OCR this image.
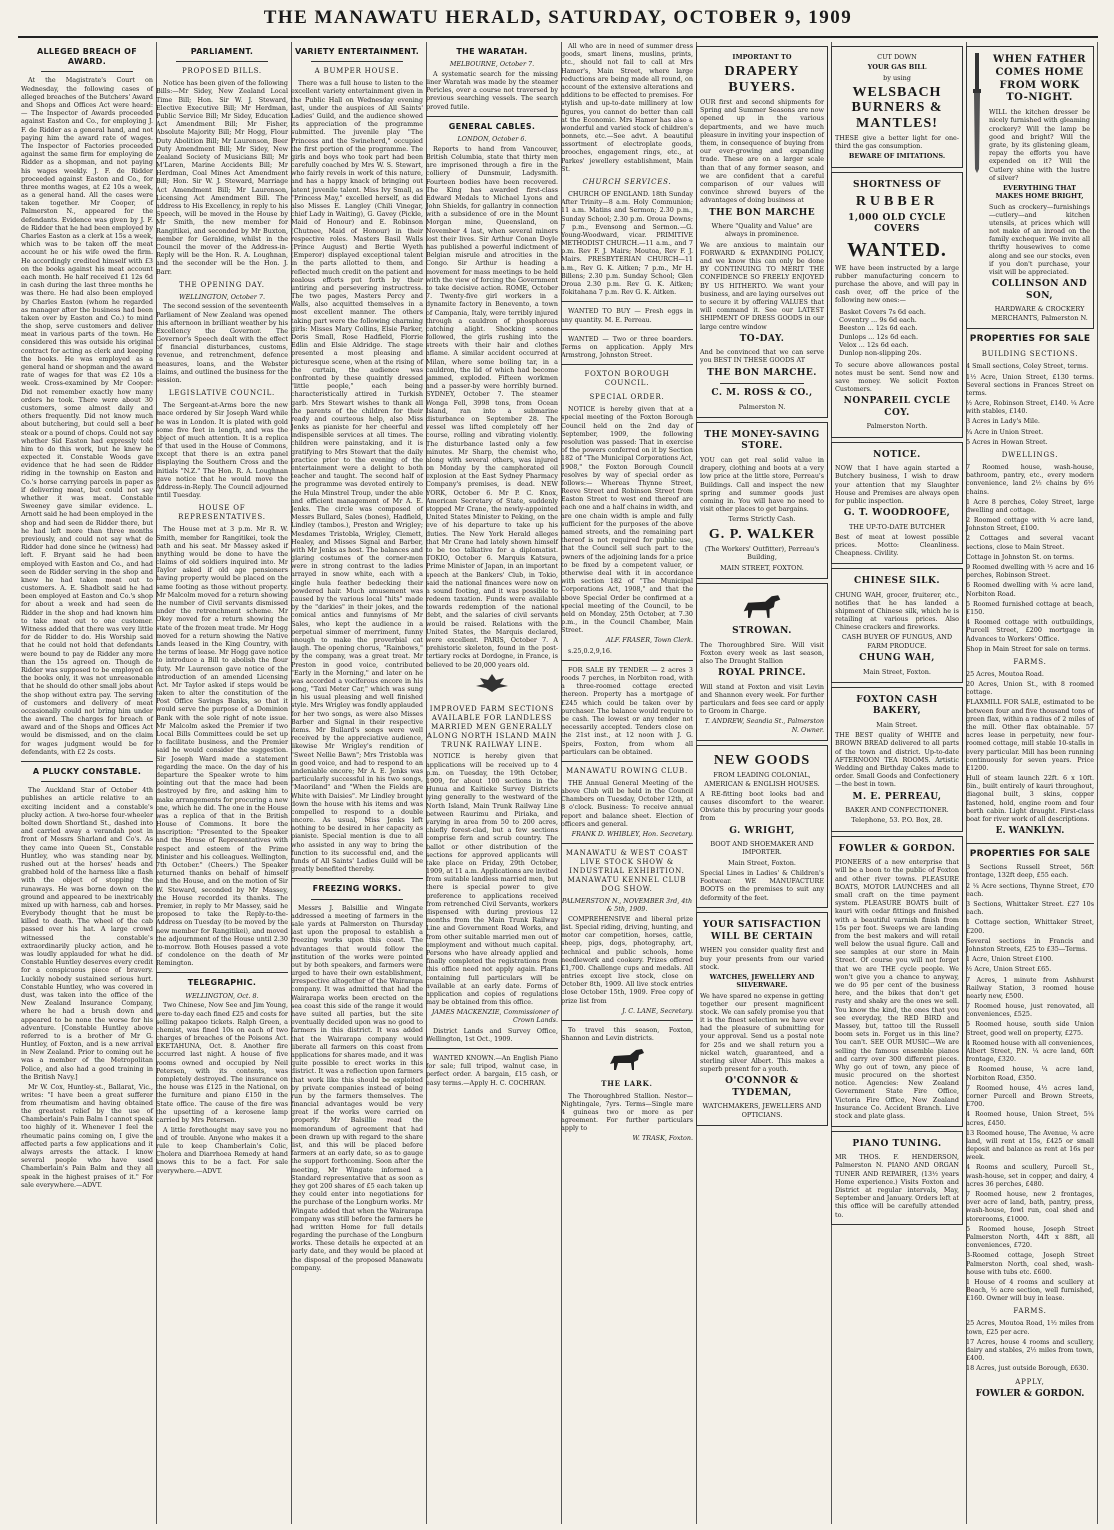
THE MANAWATU HERALD, SATURDAY, OCTOBER 9, 1909
ALLEGED BREACH OF AWARD.

At the Magistrate's Court on Wednesday, the following cases of alleged breaches of the Butchers' Award and Shops and Offices Act were heard:— The Inspector of Awards proceeded against Easton and Co., for employing J. F. de Ridder as a general hand, and not paying him the award rate of wages. The Inspector of Factories proceeded against the same firm for employing de Ridder as a shopman, and not paying his wages weekly. J. F. de Ridder proceeded against Easton and Co., for three months wages, at £2 10s a week, as a general hand. All the cases were taken together. Mr Cooper, of Palmerston N., appeared for the defendants. Evidence was given by J. F. de Ridder that he had been employed by Charles Easton as a clerk at 15s a week, which was to be taken off the meat account he or his wife owed the firm. He accordingly credited himself with £3 on the books against his meat account each month. He half received £1 12s 6d in cash during the last three months he was there. He had also been employed by Charles Easton (whom he regarded as manager after the business had been taken over by Easton and Co.) to mind the shop, serve customers and deliver meat in various parts of the town. He considered this was outside his original contract for acting as clerk and keeping the books. He was employed as a general hand or shopman and the award rate of wages for that was £2 10s a week. Cross-examined by Mr Cooper: Did not remember exactly how many orders he took. There were about 30 customers, some almost daily and others frequently. Did not know much about butchering, but could sell a beef steak or a pound of chops. Could not say whether Sid Easton had expressly told him to do this work, but he knew he expected it. Constable Woods gave evidence that he had seen de Ridder riding in the township on Easton and Co.'s horse carrying parcels in paper as if delivering meat, but could not say whether it was meat. Constable Sweeney gave similar evidence. L. Arnott said he had been employed in the shop and had seen de Ridder there, but he had left more than three months previously, and could not say what de Ridder had done since he (witness) had left. F. Bryant said he had been employed with Easton and Co., and had seen de Ridder serving in the shop and knew he had taken meat out to customers. A. E. Shadbolt said he had been employed at Easton and Co.'s shop for about a week and had seen de Ridder in the shop and had known him to take meat out to one customer. Witness added that there was very little for de Ridder to do. His Worship said that he could not hold that defendants were bound to pay de Ridder any more than the 15s agreed on. Though de Ridder was supposed to be employed on the books only, it was not unreasonable that he should do other small jobs about the shop without extra pay. The serving of customers and delivery of meat occasionally could not bring him under the award. The charges for breach of award and of the Shops and Offices Act would be dismissed, and on the claim for wages judgment would be for defendants, with £2 2s costs.

A PLUCKY CONSTABLE.

The Auckland Star of October 4th publishes an article relative to an exciting incident and a constable's plucky action. A two-horse four-wheeler bolted down Shortland St., dashed into and carried away a verandah post in front of Messrs Sharland and Co's. As they came into Queen St., Constable Huntley, who was standing near by, rushed out at the horses' heads and grabbed hold of the harness like a flash with the object of stopping the runaways. He was borne down on the ground and appeared to be inextricably mixed up with harness, cab and horses. Everybody thought that he must be killed to death. The wheel of the cab passed over his hat. A large crowd witnessed the constable's extraordinarily plucky action, and he was loudly applauded for what he did. Constable Huntley deserves every credit for a conspicuous piece of bravery. Luckily nobody sustained serious hurt. Constable Huntley, who was covered in dust, was taken into the office of the New Zealand Insurance Company, where he had a brush down and appeared to be none the worse for his adventure. [Constable Huntley above referred to is a brother of Mr G. Huntley, of Foxton, and is a new arrival in New Zealand. Prior to coming out he was a member of the Metropolitan Police, and also had a good training in the British Navy.]

Mr W. Cox, Huntley-st., Ballarat, Vic., writes: "I have been a great sufferer from rheumatism and having obtained the greatest relief by the use of Chamberlain's Pain Balm I cannot speak too highly of it. Whenever I feel the rheumatic pains coming on, I give the affected parts a few applications and it always arrests the attack. I know several people who have used Chamberlain's Pain Balm and they all speak in the highest praises of it." For sale everywhere.—ADVT.

PARLIAMENT.
PROPOSED BILLS.

Notice has been given of the following Bills:—Mr Sidey, New Zealand Local Time Bill; Hon. Sir W. J. Steward, Elective Executive Bill; Mr Herdman, Public Service Bill; Mr Sidey, Education Act Amendment Bill; Mr Fisher, Absolute Majority Bill; Mr Hogg, Flour Duty Abolition Bill; Mr Laurenson, Beer Duty Amendment Bill; Mr Sidey, New Zealand Society of Musicians Bill; Mr M'Laren, Marine Accidents Bill; Mr Herdman, Coal Mines Act Amendment Bill; Hon. Sir W. J. Steward, Marriage Act Amendment Bill; Mr Laurenson, Licensing Act Amendment Bill. The address to His Excellency, in reply to his Speech, will be moved in the House by Mr Smith, the new member for Rangitikei, and seconded by Mr Buxton, member for Geraldine, whilst in the Council the mover of the Address-in-Reply will be the Hon. R. A. Loughnan, and the seconder will be the Hon. J. Barr.

THE OPENING DAY.

WELLINGTON, October 7.

The second session of the seventeenth Parliament of New Zealand was opened this afternoon in brilliant weather by his Excellency the Governor. The Governor's Speech dealt with the effect of financial disturbances, customs, revenue, and retrenchment, defence measures, loans, and the Webster claims, and outlined the business for the session.

LEGISLATIVE COUNCIL.

The Sergeant-at-Arms bore the new mace ordered by Sir Joseph Ward while he was in London. It is plated with gold some five feet in length, and was the object of much attention. It is a replica of that used in the House of Commons, except that there is an extra panel displaying the Southern Cross and the initials "N.Z." The Hon. R. A. Loughnan gave notice that he would move the Address-in-Reply. The Council adjourned until Tuesday.

HOUSE OF REPRESENTATIVES.

The House met at 3 p.m. Mr R. W. Smith, member for Rangitikei, took the oath and his seat. Mr Massey asked if anything would be done to have the claims of old soldiers inquired into. Mr Taylor asked if old age pensioners having property would be placed on the same footing as those without property. Mr Malcolm moved for a return showing the number of Civil servants dismissed under the retrenchment scheme. Mr Okey moved for a return showing the state of the frozen meat trade. Mr Hogg moved for a return showing the Native Lands leased in the King Country, with the terms of lease. Mr Hogg gave notice to introduce a Bill to abolish the flour duty. Mr Laurenson gave notice of the introduction of an amended Licensing Act. Mr Taylor asked if steps would be taken to alter the constitution of the Post Office Savings Banks, so that it would serve the purpose of a Dominion Bank with the sole right of note issue. Mr Malcolm asked the Premier if two Local Bills Committees could be set up to facilitate business, and the Premier said he would consider the suggestion. Sir Joseph Ward made a statement regarding the mace. On the day of his departure the Speaker wrote to him pointing out that the mace had been destroyed by fire, and asking him to make arrangements for procuring a new one, which he did. The one in the House was a replica of that in the British House of Commons. It bore the inscription: "Presented to the Speaker and the House of Representatives with respect and esteem of the Prime Minister and his colleagues. Wellington, 7th October." (Cheers.) The Speaker returned thanks on behalf of himself and the House, and on the motion of Sir W. Steward, seconded by Mr Massey, the House recorded its thanks. The Premier, in reply to Mr Massey, said he proposed to take the Reply-to-the-Address on Tuesday (to be moved by the new member for Rangitikei), and moved the adjournment of the House until 2.30 to-morrow. Both Houses passed a vote of condolence on the death of Mr Remington.

TELEGRAPHIC.

WELLINGTON, Oct. 8.

Two Chinese, Now See and Jim Young, were to-day each fined £25 and costs for selling pakapoo tickets. Ralph Green, a chemist, was fined 10s on each of two charges of breaches of the Poisons Act. EKETAHUNA, Oct. 8. Another fire occurred last night. A house of five rooms owned and occupied by Neil Petersen, with its contents, was completely destroyed. The insurance on the house was £125 in the National, on the furniture and piano £150 in the State office. The cause of the fire was the upsetting of a kerosene lamp carried by Mrs Petersen.

A little forethought may save you no end of trouble. Anyone who makes it a rule to keep Chamberlain's Colic, Cholera and Diarrhoea Remedy at hand knows this to be a fact. For sale everywhere.—ADVT.

VARIETY ENTERTAINMENT.
A BUMPER HOUSE.

There was a full house to listen to the excellent variety entertainment given in the Public Hall on Wednesday evening last, under the auspices of All Saints' Ladies' Guild, and the audience showed its appreciation of the programme submitted. The juvenile play "The Princess and the Swineherd," occupied the first portion of the programme. The girls and boys who took part had been carefully coached by Mrs W. S. Stewart, who fairly revels in work of this nature, and has a happy knack of bringing out latent juvenile talent. Miss Ivy Small, as "Princess May," excelled herself, as did also Misses E. Langley (Chili Vinegar, chief Lady in Waiting), G. Gavey (Pickle, Maid of Honour) and E. Robinson (Chutnee, Maid of Honour) in their respective roles. Masters Basil Walls (Prince August) and Bertie Wyeth (Emperor) displayed exceptional talent in the parts allotted to them, and reflected much credit on the patient and zealous efforts put forth by their untiring and persevering instructress. The two pages, Masters Percy and Walls, also acquitted themselves in a most excellent manner. The others taking part were the following charming girls: Misses Mary Collins, Elsie Parker, Doris Small, Rose Hadfield, Florrie Edlin and Elsie Aldridge. The stage presented a most pleasing and picturesque scene, when at the rising of the curtain, the audience was confronted by these quaintly dressed "little people," each being characteristically attired in Turkish garb. Mrs Stewart wishes to thank all the parents of the children for their ready and courteous help, also Miss Jenks as pianiste for her cheerful and indispensible services at all times. The children were painstaking, and it is gratifying to Mrs Stewart that the daily practice prior to the evening of the entertainment were a delight to both teacher and taught. The second half of the programme was devoted entirely to the Hula Minstrel Troup, under the able and efficient management of Mr A. E. Jenks. The circle was composed of Messrs Bullard, Sales (bones), Hadfield, Lindley (tambos.), Preston and Wrigley; Mesdames Tristobla, Wrigley, Clemett, Healey, and Misses Signal and Barber, with Mr Jenks as host. The balances and glaring costumes of the corner-men were in strong contrast to the ladies arrayed in snow white, each with a single hula feather bedecking their powdered hair. Much amusement was caused by the various local "hits" made by the "darkies" in their jokes, and the comical antics and funnyisms of Mr Sales, who kept the audience in a perpetual simmer of merriment, funny enough to make the proverbial cat laugh. The opening chorus, "Rainbows," by the company, was a great treat. Mr Preston in good voice, contributed "Early in the Morning," and later on he was accorded a vociferous encore in his song, "Taxi Meter Car," which was sung in his usual pleasing and well finished style. Mrs Wrigley was fondly applauded for her two songs, as were also Misses Barber and Signal in their respective items. Mr Bullard's songs were well received by the appreciative audience, likewise Mr Wrigley's rendition of "Sweet Nellie Bawn"; Mrs Tristobla was in good voice, and had to respond to an undeniable encore; Mr A. E. Jenks was particularly successful in his two songs, "Maoriland" and "When the Fields are White with Daisies". Mr Lindley brought down the house with his items and was compelled to respond to a double encore. As usual, Miss Jenks left nothing to be desired in her capacity as pianiste. Special mention is due to all who assisted in any way to bring the function to its successful end, and the funds of All Saints' Ladies Guild will be greatly benefited thereby.

FREEZING WORKS.

Messrs J. Balsillie and Wingate addressed a meeting of farmers in the sale yards at Palmerston on Thursday last upon the proposal to establish a freezing works upon this coast. The advantages that would follow the institution of the works were pointed out by both speakers, and farmers were urged to have their own establishment, irrespective altogether of the Wairarapa company. It was admitted that had the Wairarapa works been erected on the sea coast this side of the range it would have suited all parties, but the site eventually decided upon was no good to farmers in this district. It was added that the Wairarapa company would liberate all farmers on this coast from applications for shares made, and it was quite possible to erect works in this district. It was a reflection upon farmers that work like this should be exploited by private companies instead of being run by the farmers themselves. The financial advantages would be very great if the works were carried on properly. Mr Balsillie read the memorandum of agreement that had been drawn up with regard to the share list, and this will be placed before farmers at an early date, so as to gauge the support forthcoming. Soon after the meeting, Mr Wingate informed a Standard representative that as soon as they got 200 shares of £5 each taken up they could enter into negotiations for the purchase of the Longburn works. Mr Wingate added that when the Wairarapa company was still before the farmers he had written Home for full details regarding the purchase of the Longburn works. These details he expected at an early date, and they would be placed at the disposal of the proposed Manawatu company.

THE WARATAH.

MELBOURNE, October 7.

A systematic search for the missing liner Waratah was made by the steamer Pericles, over a course not traversed by previous searching vessels. The search proved futile.

GENERAL CABLES.

LONDON, October 6.

Reports to hand from Vancouver, British Columbia, state that thirty men are imprisoned through a fire in the colliery of Dunsmuir, Ladysmith. Fourteen bodies have been recovered. The King has awarded first-class Edward Medals to Michael Lyons and John Shields, for gallantry in connection with a subsidence of ore in the Mount Morgan mine, Queensland, on November 4 last, when several miners lost their lives. Sir Arthur Conan Doyle has published a powerful indictment of Belgian misrule and atrocities in the Congo. Sir Arthur is heading a movement for mass meetings to be held with the view of forcing the Government to take decisive action. ROME, October 7. Twenty-five girl workers in a dynamite factory in Benevento, a town of Campania, Italy, were terribly injured through a cauldron of phosphorous catching alight. Shocking scenes followed, the girls rushing into the streets with their hair and clothes aflame. A similar accident occurred at Milan, where some boiling tar, in a cauldron, the lid of which had become jammed, exploded. Fifteen workmen and a passer-by were horribly burned. SYDNEY, October 7. The steamer Wonga Fell, 3998 tons, from Ocean Island, ran into a submarine disturbance on September 28. The vessel was lifted completely off her course, rolling and vibrating violently. The disturbance lasted only a few minutes. Mr Sharp, the chemist who, along with several others, was injured on Monday by the camphorated oil explosion at the East Sydney Pharmacy Company's premises, is dead. NEW YORK, October 6. Mr P. C. Knox, American Secretary of State, suddenly stopped Mr Crane, the newly-appointed United States Minister to Peking, on the eve of his departure to take up his duties. The New York Herald alleges that Mr Crane had lately shown himself to be too talkative for a diplomatist. TOKIO, October 6. Marquis Katsura, Prime Minister of Japan, in an important speech at the Bankers' Club, in Tokio, said the national finances were now on a sound footing, and it was possible to redeem taxation. Funds were available towards redemption of the national debt, and the salaries of civil servants would be raised. Relations with the United States, the Marquis declared, were excellent. PARIS, October 7. A prehistoric skeleton, found in the post-tertiary rocks at Dordogne, in France, is believed to be 20,000 years old.

IMPROVED FARM SECTIONS AVAILABLE FOR LANDLESS MARRIED MEN GENERALLY ALONG NORTH ISLAND MAIN TRUNK RAILWAY LINE.

NOTICE is hereby given that applications will be received up to 4 p.m. on Tuesday, the 19th October, 1909, for about 100 sections in the Hunua and Kaitieke Survey Districts lying generally to the westward of the North Island, Main Trunk Railway Line between Raurimu and Piriaka, and varying in area from 50 to 200 acres, chiefly forest-clad, but a few sections comprise fern and scrub country. The ballot or other distribution of the sections for approved applicants will take place on Friday, 29th October, 1909, at 11 a.m. Applications are invited from suitable landless married men, but there is special power to give preference to applications received from retrenched Civil Servants, workers dispensed with during previous 12 months from the Main Trunk Railway Line and Government Road Works, and from other suitable married men out of employment and without much capital. Persons who have already applied and finally completed the registrations from this office need not apply again. Plans containing full particulars will be available at an early date. Forms of application and copies of regulations may be obtained from this office.

JAMES MACKENZIE, Commissioner of Crown Lands.

District Lands and Survey Office, Wellington, 1st Oct., 1909.

WANTED KNOWN.—An English Piano for sale; full tripod, walnut case, in perfect order. A bargain, £15 cash, or easy terms.—Apply H. C. COCHRAN.

All who are in need of summer dress goods, smart linens, muslins, prints, etc., should not fail to call at Mrs Hamer's, Main Street, where large reductions are being made all round, on account of the extensive alterations and additions to be effected to premises. For stylish and up-to-date millinery at low figures, you cannot do better than call at the Economic. Mrs Hamer has also a wonderful and varied stock of children's bonnets, etc.—See advt. A beautiful assortment of electroplate goods, brooches, engagement rings, etc., at Parkes' jewellery establishment, Main St.

CHURCH SERVICES.

CHURCH OF ENGLAND. 18th Sunday After Trinity—8 a.m. Holy Communion; 11 a.m. Matins and Sermon; 2.30 p.m., Sunday School; 2.30 p.m. Oroua Downs; 7 p.m., Evensong and Sermon.—G. Young-Woodward, vicar. PRIMITIVE METHODIST CHURCH.—11 a.m., and 7 p.m. Rev F. J. Mairs; Moutoa, Rev F. J. Mairs. PRESBYTERIAN CHURCH—11 a.m., Rev G. K. Aitken; 7 p.m., Mr H. Billens; 2.30 p.m. Sunday School; Glen Oroua 2.30 p.m. Rev G. K. Aitken; Tokitahana 7 p.m. Rev G. K. Aitken.

WANTED TO BUY — Fresh eggs in any quantity. M. E. Perreau.

WANTED — Two or three boarders. Terms on application. Apply Mrs Armstrong, Johnston Street.

FOXTON BOROUGH COUNCIL.
SPECIAL ORDER.

NOTICE is hereby given that at a special meeting of the Foxton Borough Council held on the 2nd day of September, 1909, the following resolution was passed: That in exercise of the powers conferred on it by Section 182 of "The Municipal Corporations Act, 1908," the Foxton Borough Council resolves by way of special order as follows:— Whereas Thynne Street, Reeve Street and Robinson Street from Easton Street to west end thereof are each one and a half chains in width, and are one chain width is ample and fully sufficient for the purposes of the above named streets, and the remaining part thereof is not required for public use, that the Council sell such part to the owners of the adjoining lands for a price to be fixed by a competent valuer, or otherwise deal with it in accordance with section 182 of "The Municipal Corporations Act, 1908," and that the above Special Order be confirmed at a special meeting of the Council, to be held on Monday, 25th October, at 7.30 p.m., in the Council Chamber, Main Street.

ALF. FRASER, Town Clerk.

s.25,0.2,9,16.

FOR SALE BY TENDER — 2 acres 3 roods 7 perches, in Norbiton road, with a three-roomed cottage erected thereon. Property has a mortgage of £245 which could be taken over by purchaser. The balance would require to be cash. The lowest or any tender not necessarily accepted. Tenders close on the 21st inst., at 12 noon with J. G. Speirs, Foxton, from whom all particulars can be obtained.

MANAWATU ROWING CLUB.

THE Annual General Meeting of the above Club will be held in the Council Chambers on Tuesday, October 12th, at 8 o'clock. Business: To receive annual report and balance sheet. Election of officers and general.

FRANK D. WHIBLEY, Hon. Secretary.
MANAWATU & WEST COAST LIVE STOCK SHOW & INDUSTRIAL EXHIBITION. MANAWATU KENNEL CLUB DOG SHOW.

PALMERSTON N., NOVEMBER 3rd, 4th & 5th, 1909.

COMPREHENSIVE and liberal prize list. Special riding, driving, hunting, and motor car competition, horses, cattle, sheep, pigs, dogs, photography, art, technical and public schools, home needlework and cookery. Prizes offered £1,700. Challenge cups and medals. All entries except live stock, close on October 8th, 1909. All live stock entries close October 15th, 1909. Free copy of prize list from

J. C. LANE, Secretary.

To travel this season, Foxton, Shannon and Levin districts.

THE LARK.

The Thoroughbred Stallion. Nestor—Nightingale, 7yrs. Terms—Single mare 4 guineas two or more as per agreement. For further particulars apply to

W. TRASK, Foxton.
IMPORTANT TO
DRAPERY BUYERS.

OUR first and second shipments for Spring and Summer Seasons are now opened up in the various departments, and we have much pleasure in inviting your inspection of them, in consequence of buying from our ever-growing and expanding trade. These are on a larger scale than that of any former season, and we are confident that a careful comparison of our values will convince shrewd buyers of the advantages of doing business at

THE BON MARCHE
Where "Quality and Value" are always in prominence.

We are anxious to maintain our FORWARD & EXPANDING POLICY, and we know this can only be done BY CONTINUING TO MERIT THE CONFIDENCE SO FREELY ENJOYED BY US HITHERTO. We want your business, and are laying ourselves out to secure it by offering VALUES that will command it. See our LATEST SHIPMENT OF DRESS GOODS in our large centre window

TO-DAY.

And be convinced that we can serve you BEST IN THESE GOODS AT

THE BON MARCHE.
C. M. ROSS & CO.,
Palmerston N.
THE MONEY-SAVING STORE.

YOU can get real solid value in drapery, clothing and boots at a very low price at the little store, Perreau's Buildings. Call and inspect the new spring and summer goods just coming in. You will have no need to visit other places to get bargains.

Terms Strictly Cash.
G. P. WALKER
(The Workers' Outfitter), Perreau's Building,
MAIN STREET, FOXTON.
STROWAN.

The Thoroughbred Sire. Will visit Foxton every week as last season, also The Draught Stallion

ROYAL PRINCE.

Will stand at Foxton and visit Levin and Shannon every week. For further particulars and fees see card or apply to Groom in Charge.

T. ANDREW, Seandia St., Palmerston N. Owner.
NEW GOODS
FROM LEADING COLONIAL, AMERICAN & ENGLISH HOUSES.

A RE-fitting boot looks bad and causes discomfort to the wearer. Obviate this by procuring your goods from

G. WRIGHT,
BOOT AND SHOEMAKER AND IMPORTER.
Main Street, Foxton.

Special Lines in Ladies' & Children's Footwear. WE MANUFACTURE BOOTS on the premises to suit any deformity of the feet.

YOUR SATISFACTION WILL BE CERTAIN

WHEN you consider quality first and buy your presents from our varied stock.

WATCHES, JEWELLERY AND SILVERWARE.

We have spared no expense in getting together our present magnificent stock. We can safely promise you that it is the finest selection we have ever had the pleasure of submitting for your approval. Send us a postal note for 25s and we shall return you a nickel watch, guaranteed, and a sterling silver Albert. This makes a superb present for a youth.

O'CONNOR & TYDEMAN,
WATCHMAKERS, JEWELLERS AND OPTICIANS.
CUT DOWN
YOUR GAS BILL
by using
WELSBACH BURNERS & MANTLES!

THESE give a better light for one-third the gas consumption.

BEWARE OF IMITATIONS.
SHORTNESS OF
RUBBER
1,000 OLD CYCLE COVERS
WANTED.

WE have been instructed by a large rubber manufacturing concern to purchase the above, and will pay in cash over, off the price of the following new ones:—

Basket Covers 7s 6d each.
Coventry ... 9s 6d each.
Beeston ... 12s 6d each.
Dunlops ... 12s 6d each.
Velox ... 12s 6d each.
Dunlop non-slipping 20s.

To secure above allowances postal notes must be sent. Send now and save money. We solicit Foxton Customers.

NONPAREIL CYCLE COY.
Palmerston North.
NOTICE.

NOW that I have again started a Butchery business, I wish to draw your attention that my Slaughter House and Premises are always open for public inspection.

G. T. WOODROOFE,
THE UP-TO-DATE BUTCHER

Best of meat at lowest possible prices. Motto: Cleanliness. Cheapness. Civility.

CHINESE SILK.

CHUNG WAH, grocer, fruiterer, etc., notifies that he has landed a shipment of Chinese silk, which he is retailing at various prices. Also Chinese crackers and fireworks.

CASH BUYER OF FUNGUS, AND FARM PRODUCE.
CHUNG WAH,
Main Street, Foxton.
FOXTON CASH BAKERY,
Main Street.

THE BEST quality of WHITE and BROWN BREAD delivered to all parts of the town and district. Up-to-date AFTERNOON TEA ROOMS. Artistic Wedding and Birthday Cakes made to order. Small Goods and Confectionery—the best in town.

M. E. PERREAU,
BAKER AND CONFECTIONER.
Telephone, 53. P.O. Box, 28.
FOWLER & GORDON.

PIONEERS of a new enterprise that will be a boon to the public of Foxton and other river towns. PLEASURE BOATS, MOTOR LAUNCHES and all small craft on the time payment system. PLEASURE BOATS built of kauri with cedar fittings and finished with a beautiful varnish finish from 15s per foot. Sweeps we are landing from the best makers and will retail well below the usual figure. Call and see samples at our store in Main Street. Of course you will not forget that we are THE cycle people. We won't give you a chance to anyway, we do 95 per cent of the business here, and the bikes that don't get rusty and shaky are the ones we sell. You know the kind, the ones that you see everyday, the RED BIRD and Massey, but, tattoo till the Russell boom sets in. Forget us in this line? You can't. SEE OUR MUSIC—We are selling the famous ensemble pianos and carry over 300 different pieces. Why go out of town, any piece of music procured on the shortest notice. Agencies: New Zealand Government State Fire Office, Victoria Fire Office, New Zealand Insurance Co. Accident Branch. Live stock and plate glass.

PIANO TUNING.

MR THOS. F. HENDERSON, Palmerston N. PIANO AND ORGAN TUNER AND REPAIRER, (13½ years Home experience.) Visits Foxton and District at regular intervals, May, September and January. Orders left at this office will be carefully attended to.

WHEN FATHER COMES HOME FROM WORK TO-NIGHT.

WILL the kitchen dresser be nicely furnished with gleaming crockery? Will the lamp be good and bright? Will the grate, by its glistening gleam, repay the efforts you have expended on it? Will the Cutlery shine with the lustre of silver?

EVERYTHING THAT MAKES HOME BRIGHT,

Such as crockery—furnishings—cutlery—and kitchen utensils, at prices which will not make of an inroad on the family exchequer. We invite all thrifty housewives to come along and see our stocks, even if you don't purchase, your visit will be appreciated.

COLLINSON AND SON,
HARDWARE & CROCKERY MERCHANTS, Palmerston N.
PROPERTIES FOR SALE
BUILDING SECTIONS.
4 Small sections, Coley Street, terms.
1½ Acre, Union Street, £130 terms. Several sections in Frances Street on terms.
½ Acre, Robinson Street, £140. ¼ Acre with stables, £140.
3 Acres in Lady's Mile.
¾ Acre in Union Street.
5 Acres in Howan Street.
DWELLINGS.
7 Roomed house, wash-house, bathroom, pantry, etc., every modern convenience, land 2½ chains by 6½ chains.
1 Acre 8 perches, Coley Street, large dwelling and cottage.
2 Roomed cottage with ¼ acre land, Johnston Street, £100.
2 Cottages and several vacant sections, close to Main Street.
Cottage in Johnston St. on terms.
9 Roomed dwelling with ½ acre and 16 perches, Robinson Street.
6 Roomed dwelling with ¼ acre land, Norbiton Road.
5 Roomed furnished cottage at beach, £150.
4 Roomed cottage with outbuildings, Purcell Street, £200 mortgage in Advances to Workers' Office.
Shop in Main Street for sale on terms.
FARMS.
25 Acres, Moutoa Road.
20 Acres, Union St., with 8 roomed cottage.
FLAXMILL FOR SALE, estimated to be between four and five thousand tons of green flax, within a radius of 2 miles of the mill. Other flax obtainable. 57 acres lease in perpetuity, new four-roomed cottage, mill stable 10-stalls in every particular. Mill has been running continuously for seven years. Price £1200.
Hull of steam launch 22ft. 6 x 10ft. 6in., built entirely of kauri throughout, diagonal built, 3 skins, copper fastened, hold, engine room and four berth cabin. Light draught. First-class boat for river work of all descriptions.
E. WANKLYN.
PROPERTIES FOR SALE
3 Sections Russell Street, 56ft frontage, 132ft deep, £55 each.
2 ¼ Acre sections, Thynne Street, £70 each.
3 Sections, Whittaker Street. £27 10s each.
1 Cottage section, Whittaker Street, £200.
Several sections in Francis and Johnston Streets, £25 to £35—Terms.
1 Acre, Union Street £100.
½ Acre, Union Street £65.
7 Acres, 1 minute from Ashhurst Railway Station, 3 roomed house nearly new, £500.
7 Roomed house, just renovated, all conveniences, £525.
5 Roomed house, south side Union Street, good well on property, £275.
4 Roomed house with all conveniences, Albert Street, P.N. ¼ acre land, 60ft frontage, £320.
8 Roomed house, ¼ acre land, Norbiton Road, £350.
7 Roomed house, 4½ acres land, corner Purcell and Brown Streets, £700.
4 Roomed house, Union Street, 5¼ acres, £450.
13 Roomed house, The Avenue, ¼ acre land, will rent at 15s, £425 or small deposit and balance as rent at 16s per week.
4 Rooms and scullery, Purcell St., wash-house, set in copper, and dairy, 4 acres 36 perches, £480.
7 Roomed house, new 2 frontages, over acre of land, bath, pantry, press, wash-house, fowl run, coal shed and storerooms, £1000.
5 Roomed house, Joseph Street Palmerston North, 44ft x 88ft, all conveniences, £720.
3-Roomed cottage, Joseph Street Palmerston North, coal shed, wash-house with tubs etc. £600.
1 House of 4 rooms and scullery at Beach, ½ acre section, well furnished, £160. Owner will buy in lease.
FARMS.
25 Acres, Moutoa Road, 1½ miles from town, £25 per acre.
17 Acres, house 4 rooms and scullery, dairy and stables, 2½ miles from town, £400.
18 Acres, just outside Borough, £630.
APPLY,
FOWLER & GORDON.
